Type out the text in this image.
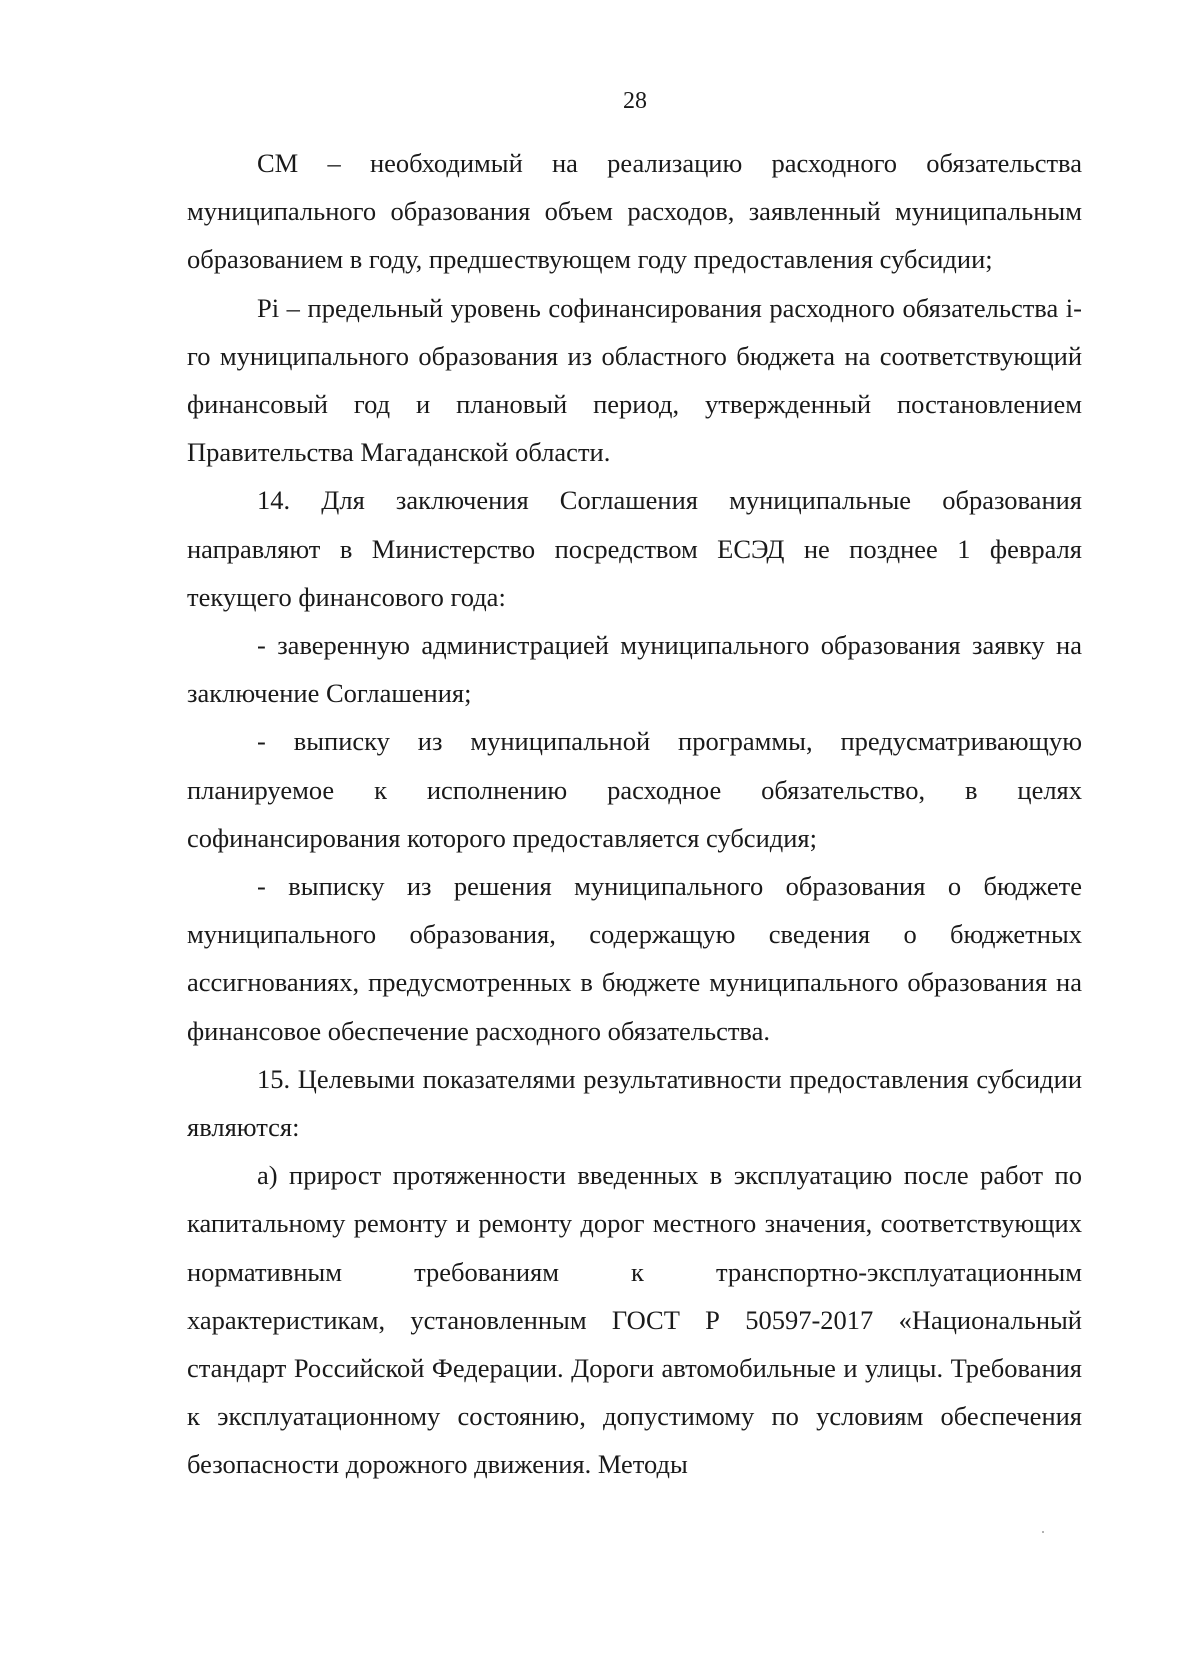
28

СМ – необходимый на реализацию расходного обязательства муниципального образования объем расходов, заявленный муниципальным образованием в году, предшествующем году предоставления субсидии;

Pi – предельный уровень софинансирования расходного обязательства i-го муниципального образования из областного бюджета на соответствующий финансовый год и плановый период, утвержденный постановлением Правительства Магаданской области.

14. Для заключения Соглашения муниципальные образования направляют в Министерство посредством ЕСЭД не позднее 1 февраля текущего финансового года:

- заверенную администрацией муниципального образования заявку на заключение Соглашения;

- выписку из муниципальной программы, предусматривающую планируемое к исполнению расходное обязательство, в целях софинансирования которого предоставляется субсидия;

- выписку из решения муниципального образования о бюджете муниципального образования, содержащую сведения о бюджетных ассигнованиях, предусмотренных в бюджете муниципального образования на финансовое обеспечение расходного обязательства.

15. Целевыми показателями результативности предоставления субсидии являются:

а) прирост протяженности введенных в эксплуатацию после работ по капитальному ремонту и ремонту дорог местного значения, соответствующих нормативным требованиям к транспортно-эксплуатационным характеристикам, установленным ГОСТ Р 50597-2017 «Национальный стандарт Российской Федерации. Дороги автомобильные и улицы. Требования к эксплуатационному состоянию, допустимому по условиям обеспечения безопасности дорожного движения. Методы
